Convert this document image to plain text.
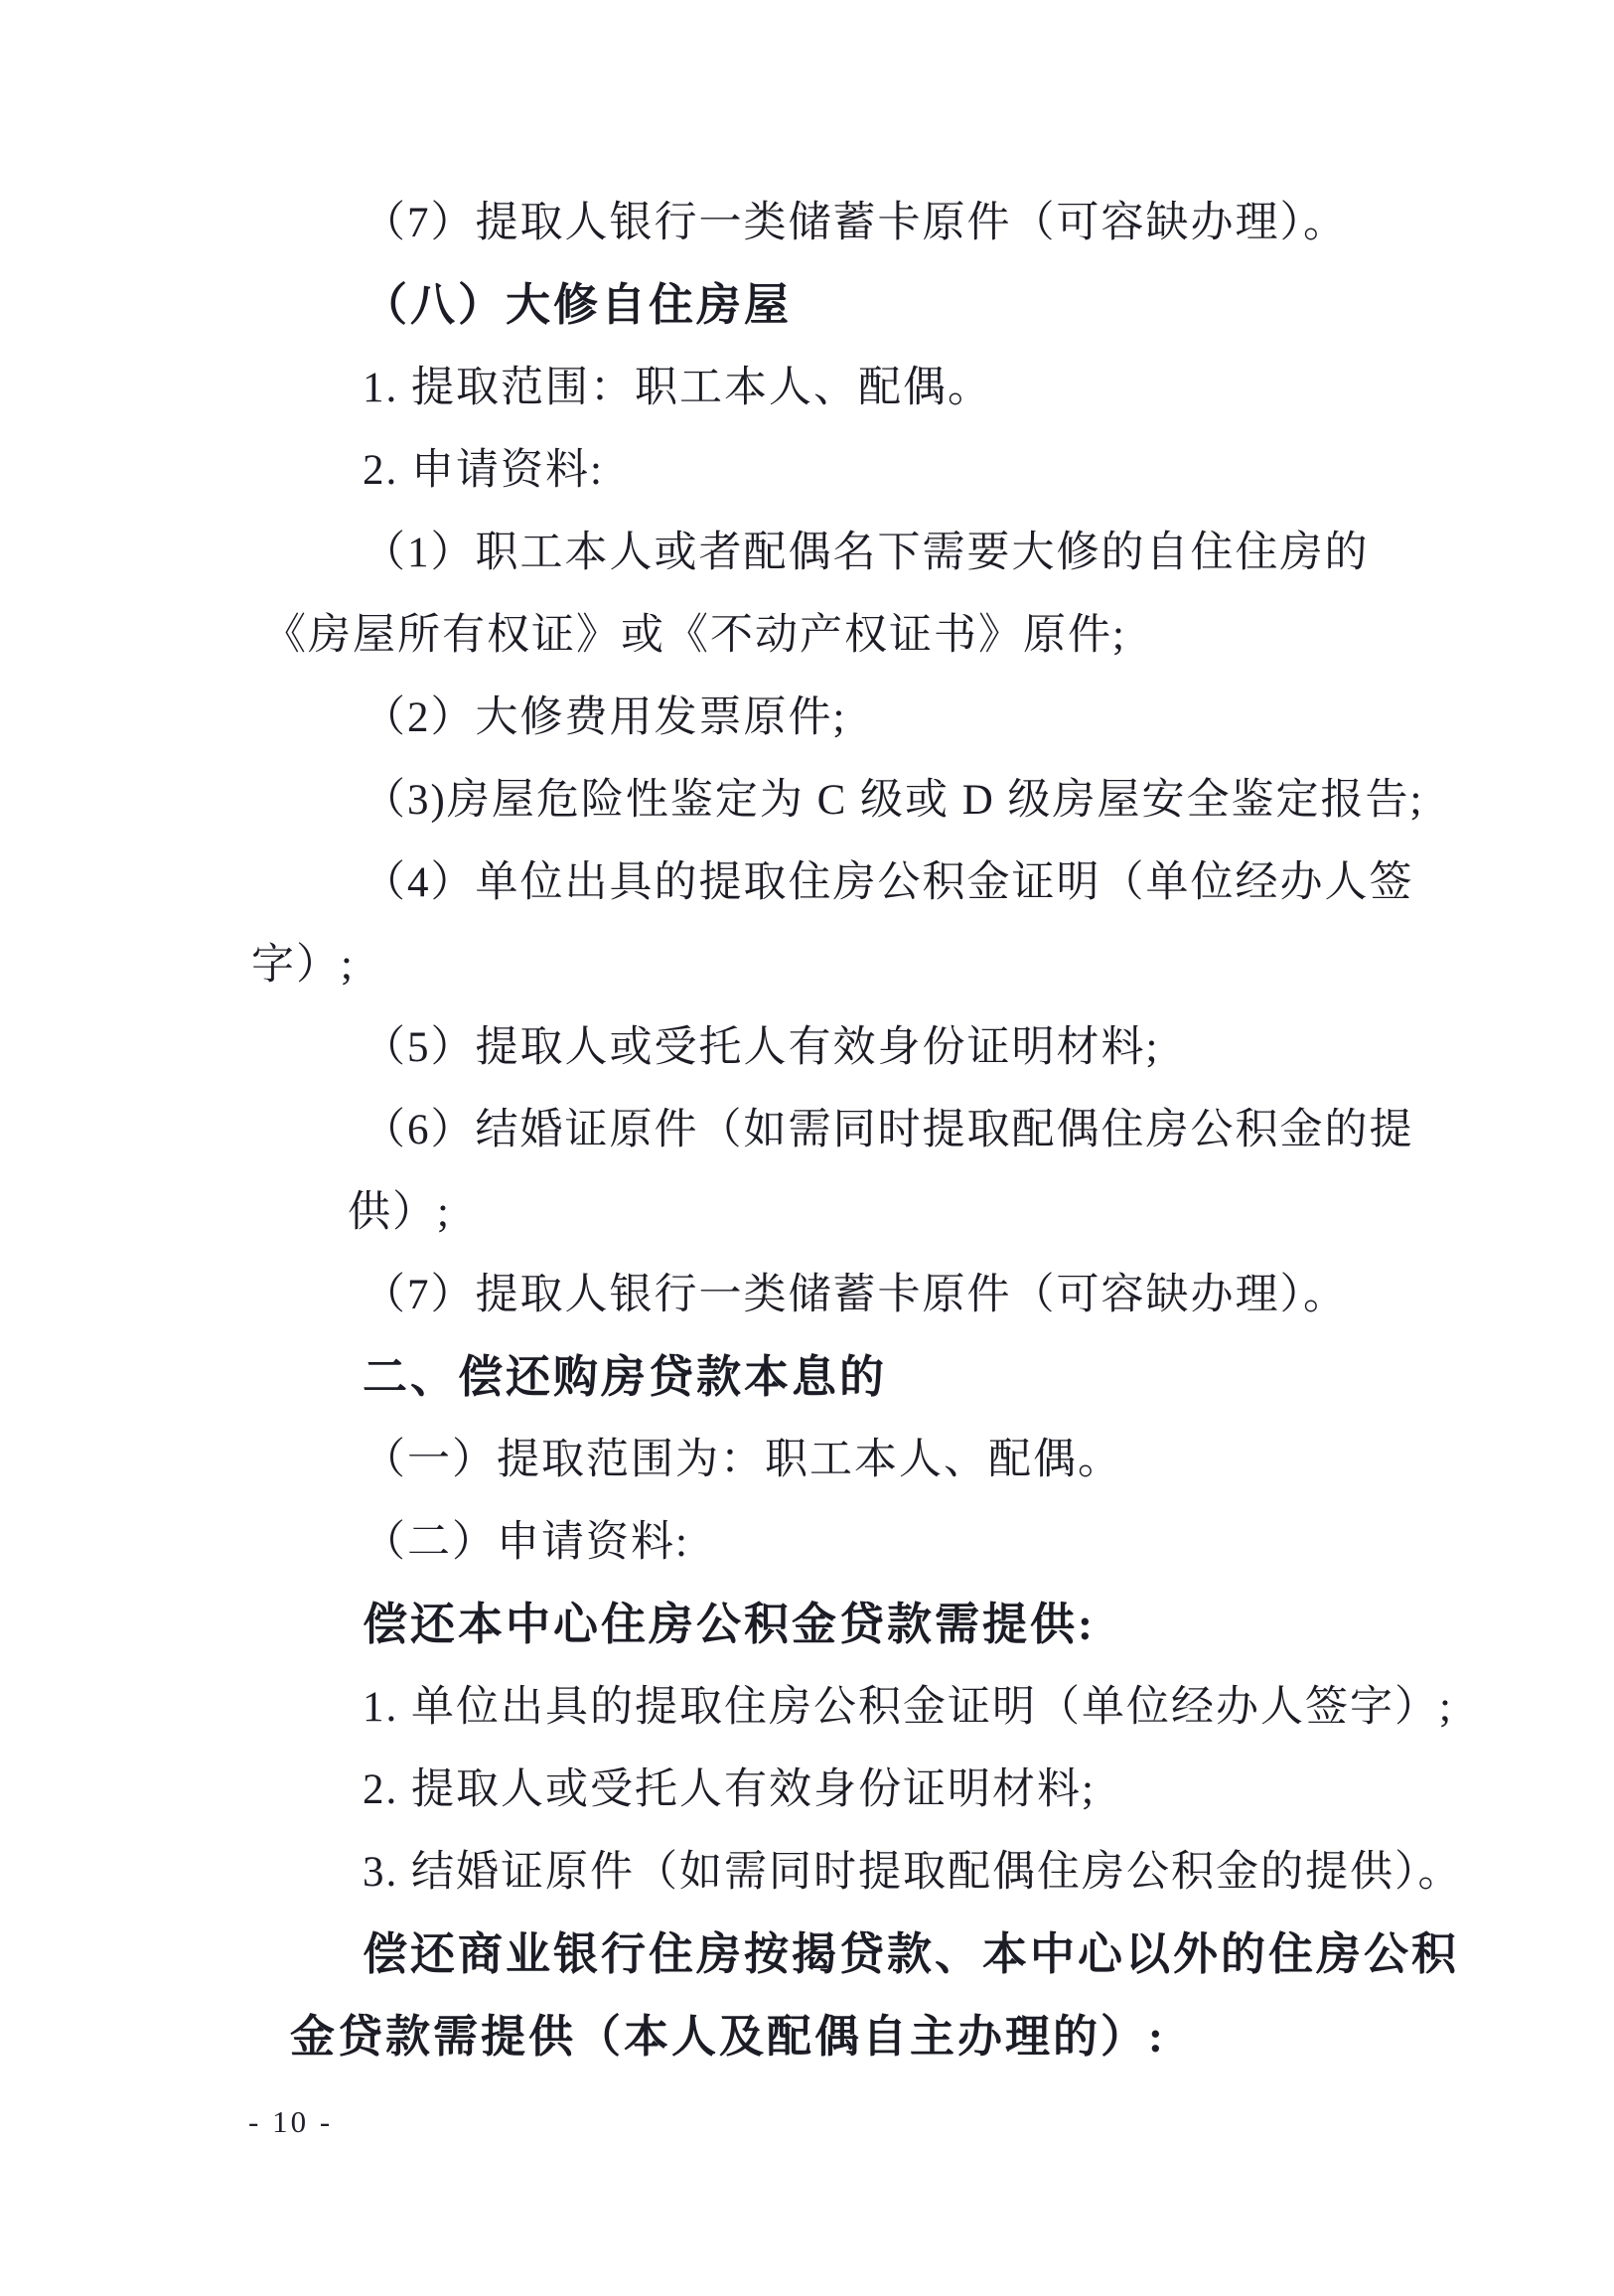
（7）提取人银行一类储蓄卡原件（可容缺办理）。
（八）大修自住房屋
1. 提取范围：职工本人、配偶。
2. 申请资料:
（1）职工本人或者配偶名下需要大修的自住住房的
《房屋所有权证》或《不动产权证书》原件;
（2）大修费用发票原件;
（3)房屋危险性鉴定为 C 级或 D 级房屋安全鉴定报告;
（4）单位出具的提取住房公积金证明（单位经办人签
字）;
（5）提取人或受托人有效身份证明材料;
（6）结婚证原件（如需同时提取配偶住房公积金的提
供）;
（7）提取人银行一类储蓄卡原件（可容缺办理）。
二、偿还购房贷款本息的
（一）提取范围为：职工本人、配偶。
（二）申请资料:
偿还本中心住房公积金贷款需提供:
1. 单位出具的提取住房公积金证明（单位经办人签字）;
2. 提取人或受托人有效身份证明材料;
3. 结婚证原件（如需同时提取配偶住房公积金的提供）。
偿还商业银行住房按揭贷款、本中心以外的住房公积
金贷款需提供（本人及配偶自主办理的）:
- 10 -
